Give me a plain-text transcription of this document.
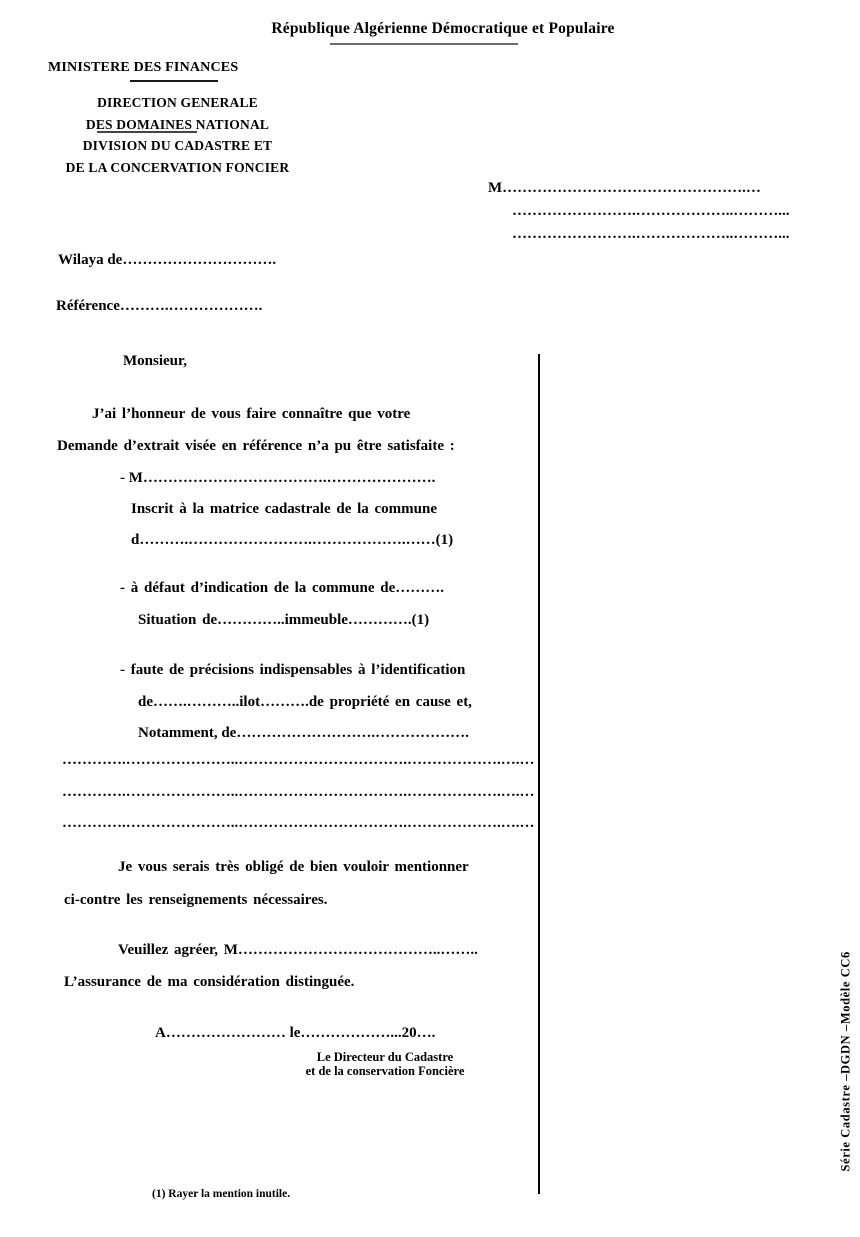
République Algérienne Démocratique et Populaire
MINISTERE DES FINANCES
DIRECTION GENERALE
DES DOMAINES NATIONAL
DIVISION DU CADASTRE ET
DE LA CONCERVATION FONCIER
M………………………………………….…
…………………….………………..………...
…………………….………………..………...
Wilaya de………………………….
Référence……….……………….
Monsieur,
J’ai l’honneur de vous faire connaître que votre
Demande d’extrait visée en référence n’a pu être satisfaite :
- M……………………………….………………….
Inscrit à la matrice cadastrale de la commune
d……….…………………….……………….……(1)
- à défaut d’indication de la commune de……….
Situation de…………..immeuble………….(1)
- faute de précisions indispensables à l’identification
de…….………..ilot……….de propriété en cause et,
Notamment, de……………………….……………….
………….…………………..…………………………….……………….….…
………….…………………..…………………………….……………….….…
………….…………………..…………………………….……………….….…
Je vous serais très obligé de bien vouloir mentionner
ci-contre les renseignements nécessaires.
Veuillez agréer, M…………………………………..……..
L’assurance de ma considération distinguée.
A…………………… le………………...20….
Le Directeur du Cadastre
et de la conservation Foncière
(1) Rayer la mention inutile.
Série Cadastre –DGDN –Modèle CC6
